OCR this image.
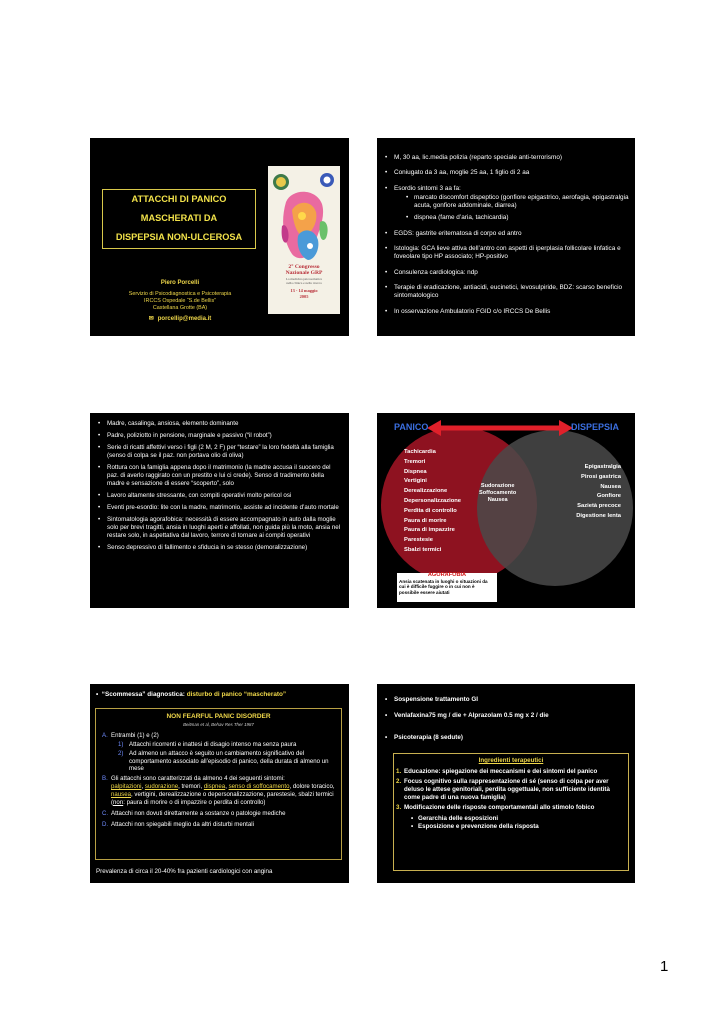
ATTACCHI DI PANICO
MASCHERATI DA
DISPEPSIA NON-ULCEROSA
2° Congresso
Nazionale GRP
La medicina psicosomatica
nella clinica e nella ricerca
13 - 14 maggio
2005
Piero Porcelli
Servizio di Psicodiagnostica e Psicoterapia
IRCCS Ospedale “S.de Bellis”
Castellana Grotte (BA)
✉ porcellip@media.it
• M, 30 aa, lic.media polizia (reparto speciale anti-terrorismo)
• Coniugato da 3 aa, moglie 25 aa, 1 figlio di 2 aa
• Esordio sintomi 3 aa fa:
• marcato discomfort dispeptico (gonfiore epigastrico, aerofagia, epigastralgia acuta, gonfiore addominale, diarrea)
• dispnea (fame d’aria, tachicardia)
• EGDS: gastrite eritematosa di corpo ed antro
• Istologia: GCA lieve attiva dell’antro con aspetti di iperplasia follicolare linfatica e foveolare tipo HP associato; HP-positivo
• Consulenza cardiologica: ndp
• Terapie di eradicazione, antiacidi, eucinetici, levosulpiride, BDZ: scarso beneficio sintomatologico
• In osservazione Ambulatorio FGID c/o IRCCS De Bellis
• Madre, casalinga, ansiosa, elemento dominante
• Padre, poliziotto in pensione, marginale e passivo (“il robot”)
• Serie di ricatti affettivi verso i figli (2 M, 2 F) per “testare” la loro fedeltà alla famiglia (senso di colpa se il paz. non portava olio di oliva)
• Rottura con la famiglia appena dopo il matrimonio (la madre accusa il suocero del paz. di averlo raggirato con un prestito e lui ci crede). Senso di tradimento della madre e sensazione di essere “scoperto”, solo
• Lavoro altamente stressante, con compiti operativi molto pericol osi
• Eventi pre-esordio: lite con la madre, matrimonio, assiste ad incidente d’auto mortale
• Sintomatologia agorafobica: necessità di essere accompagnato in auto dalla moglie solo per brevi tragitti, ansia in luoghi aperti e affollati, non guida più la moto, ansia nel restare solo, in aspettativa dal lavoro, terrore di tornare ai compiti operativi
• Senso depressivo di fallimento e sfiducia in se stesso (demoralizzazione)
PANICO	DISPEPSIA
Tachicardia
Tremori
Dispnea
Vertigini
Derealizzazione
Depersonalizzazione
Perdita di controllo
Paura di morire
Paura di impazzire
Parestesie
Sbalzi termici
Sudorazione
Soffocamento
Nausea
Epigastralgia
Pirosi gastrica
Nausea
Gonfiore
Sazietà precoce
Digestione lenta
AGORAFOBIA
Ansia scatenata in luoghi o situazioni da cui è difficile fuggire o in cui non è possibile essere aiutati
•  “Scommessa” diagnostica: disturbo di panico “mascherato”
NON FEARFUL PANIC DISORDER
Beitman et al, Behav Res Ther 1987
A. Entrambi (1) e (2)
1) Attacchi ricorrenti e inattesi di disagio intenso ma senza paura
2) Ad almeno un attacco è seguito un cambiamento significativo del comportamento associato all’episodio di panico, della durata di almeno un mese
B. Gli attacchi sono caratterizzati da almeno 4 dei seguenti sintomi:
palpitazioni, sudorazione, tremori, dispnea, senso di soffocamento, dolore toracico, nausea, vertigini, derealizzazione o depersonalizzazione, parestesie, sbalzi termici (non: paura di morire o di impazzire o perdita di controllo)
C. Attacchi non dovuti direttamente a sostanze o patologie mediche
D. Attacchi non spiegabili meglio da altri disturbi mentali
Prevalenza di circa il 20-40% fra pazienti cardiologici con angina
• Sospensione trattamento GI
• Venlafaxina75 mg / die + Alprazolam 0.5 mg x 2 / die
• Psicoterapia (8 sedute)
Ingredienti terapeutici
1. Educazione: spiegazione dei meccanismi e dei sintomi del panico
2. Focus cognitivo sulla rappresentazione di sé (senso di colpa per aver deluso le attese genitoriali, perdita oggettuale, non sufficiente identità come padre di una nuova famiglia)
3. Modificazione delle risposte comportamentali allo stimolo fobico
• Gerarchia delle esposizioni
• Esposizione e prevenzione della risposta
1
